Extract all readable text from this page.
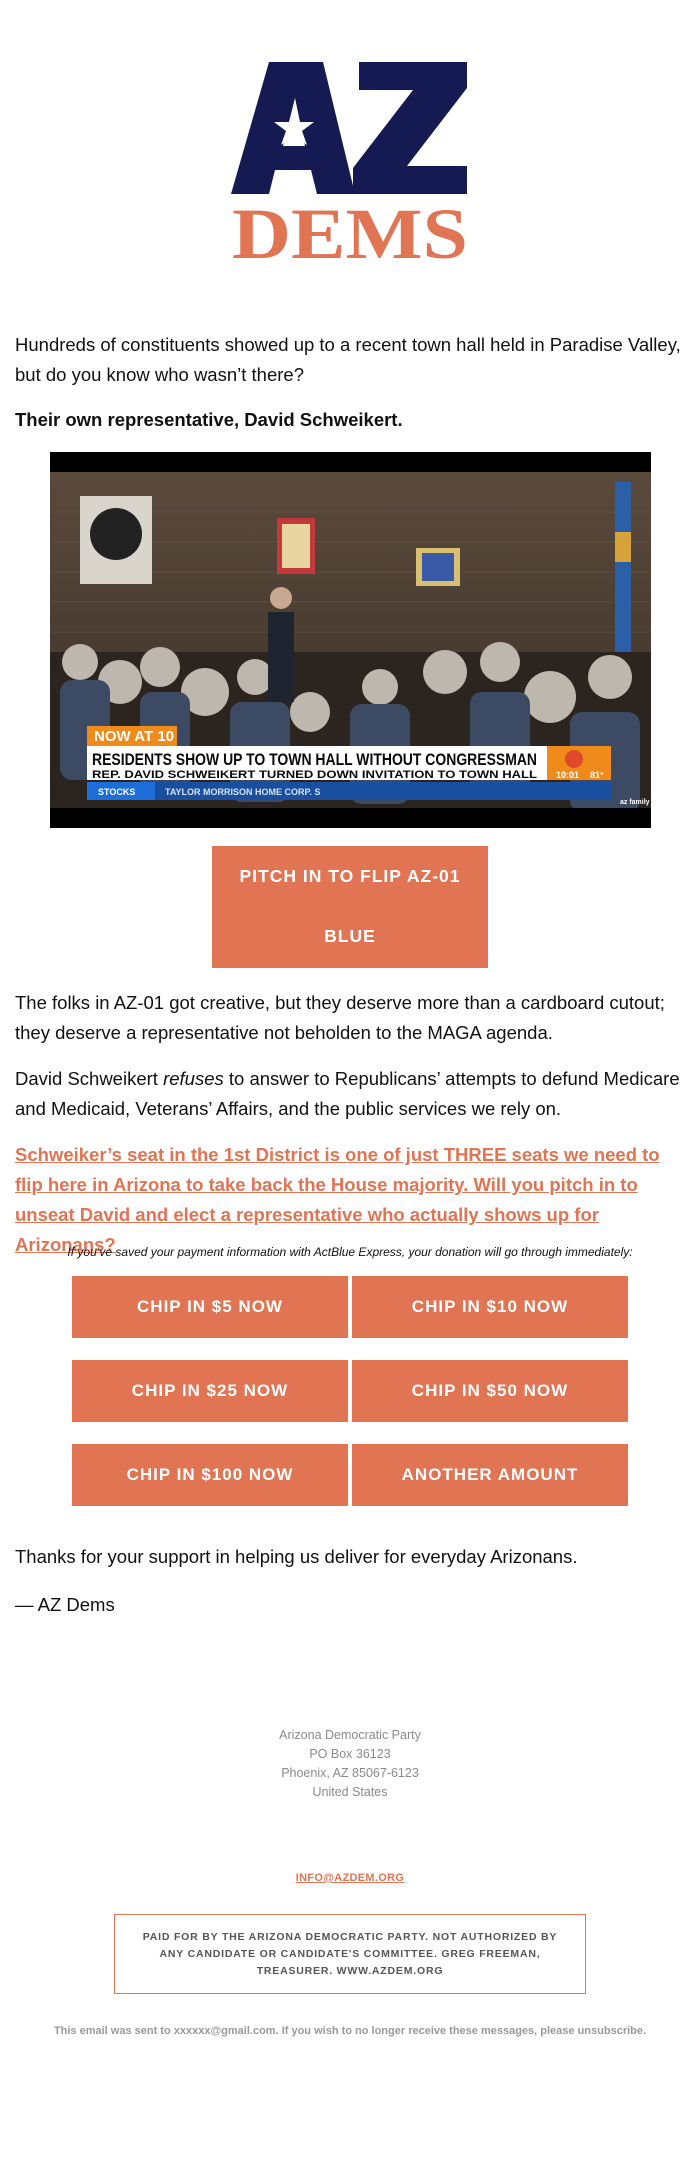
DEMS

Hundreds of constituents showed up to a recent town hall held in Paradise Valley, but do you know who wasn’t there?

Their own representative, David Schweikert.

NOW AT 10
RESIDENTS SHOW UP TO TOWN HALL WITHOUT CONGRESSMAN
REP. DAVID SCHWEIKERT TURNED DOWN INVITATION TO TOWN HALL 10:01 81°
STOCKS	TAYLOR MORRISON HOME CORP. S
az family
PITCH IN TO FLIP AZ-01
BLUE

The folks in AZ-01 got creative, but they deserve more than a cardboard cutout; they deserve a representative not beholden to the MAGA agenda.

David Schweikert refuses to answer to Republicans’ attempts to defund Medicare and Medicaid, Veterans’ Affairs, and the public services we rely on.

Schweiker’s seat in the 1st District is one of just THREE seats we need to flip here in Arizona to take back the House majority. Will you pitch in to unseat David and elect a representative who actually shows up for Arizonans?

If you’ve saved your payment information with ActBlue Express, your donation will go through immediately:
CHIP IN $5 NOW	CHIP IN $10 NOW
CHIP IN $25 NOW	CHIP IN $50 NOW
CHIP IN $100 NOW	ANOTHER AMOUNT

Thanks for your support in helping us deliver for everyday Arizonans.

— AZ Dems

Arizona Democratic Party
PO Box 36123
Phoenix, AZ 85067-6123
United States
INFO@AZDEM.ORG
PAID FOR BY THE ARIZONA DEMOCRATIC PARTY. NOT AUTHORIZED BY ANY CANDIDATE OR CANDIDATE'S COMMITTEE. GREG FREEMAN, TREASURER. WWW.AZDEM.ORG
This email was sent to xxxxxx@gmail.com. If you wish to no longer receive these messages, please unsubscribe.
